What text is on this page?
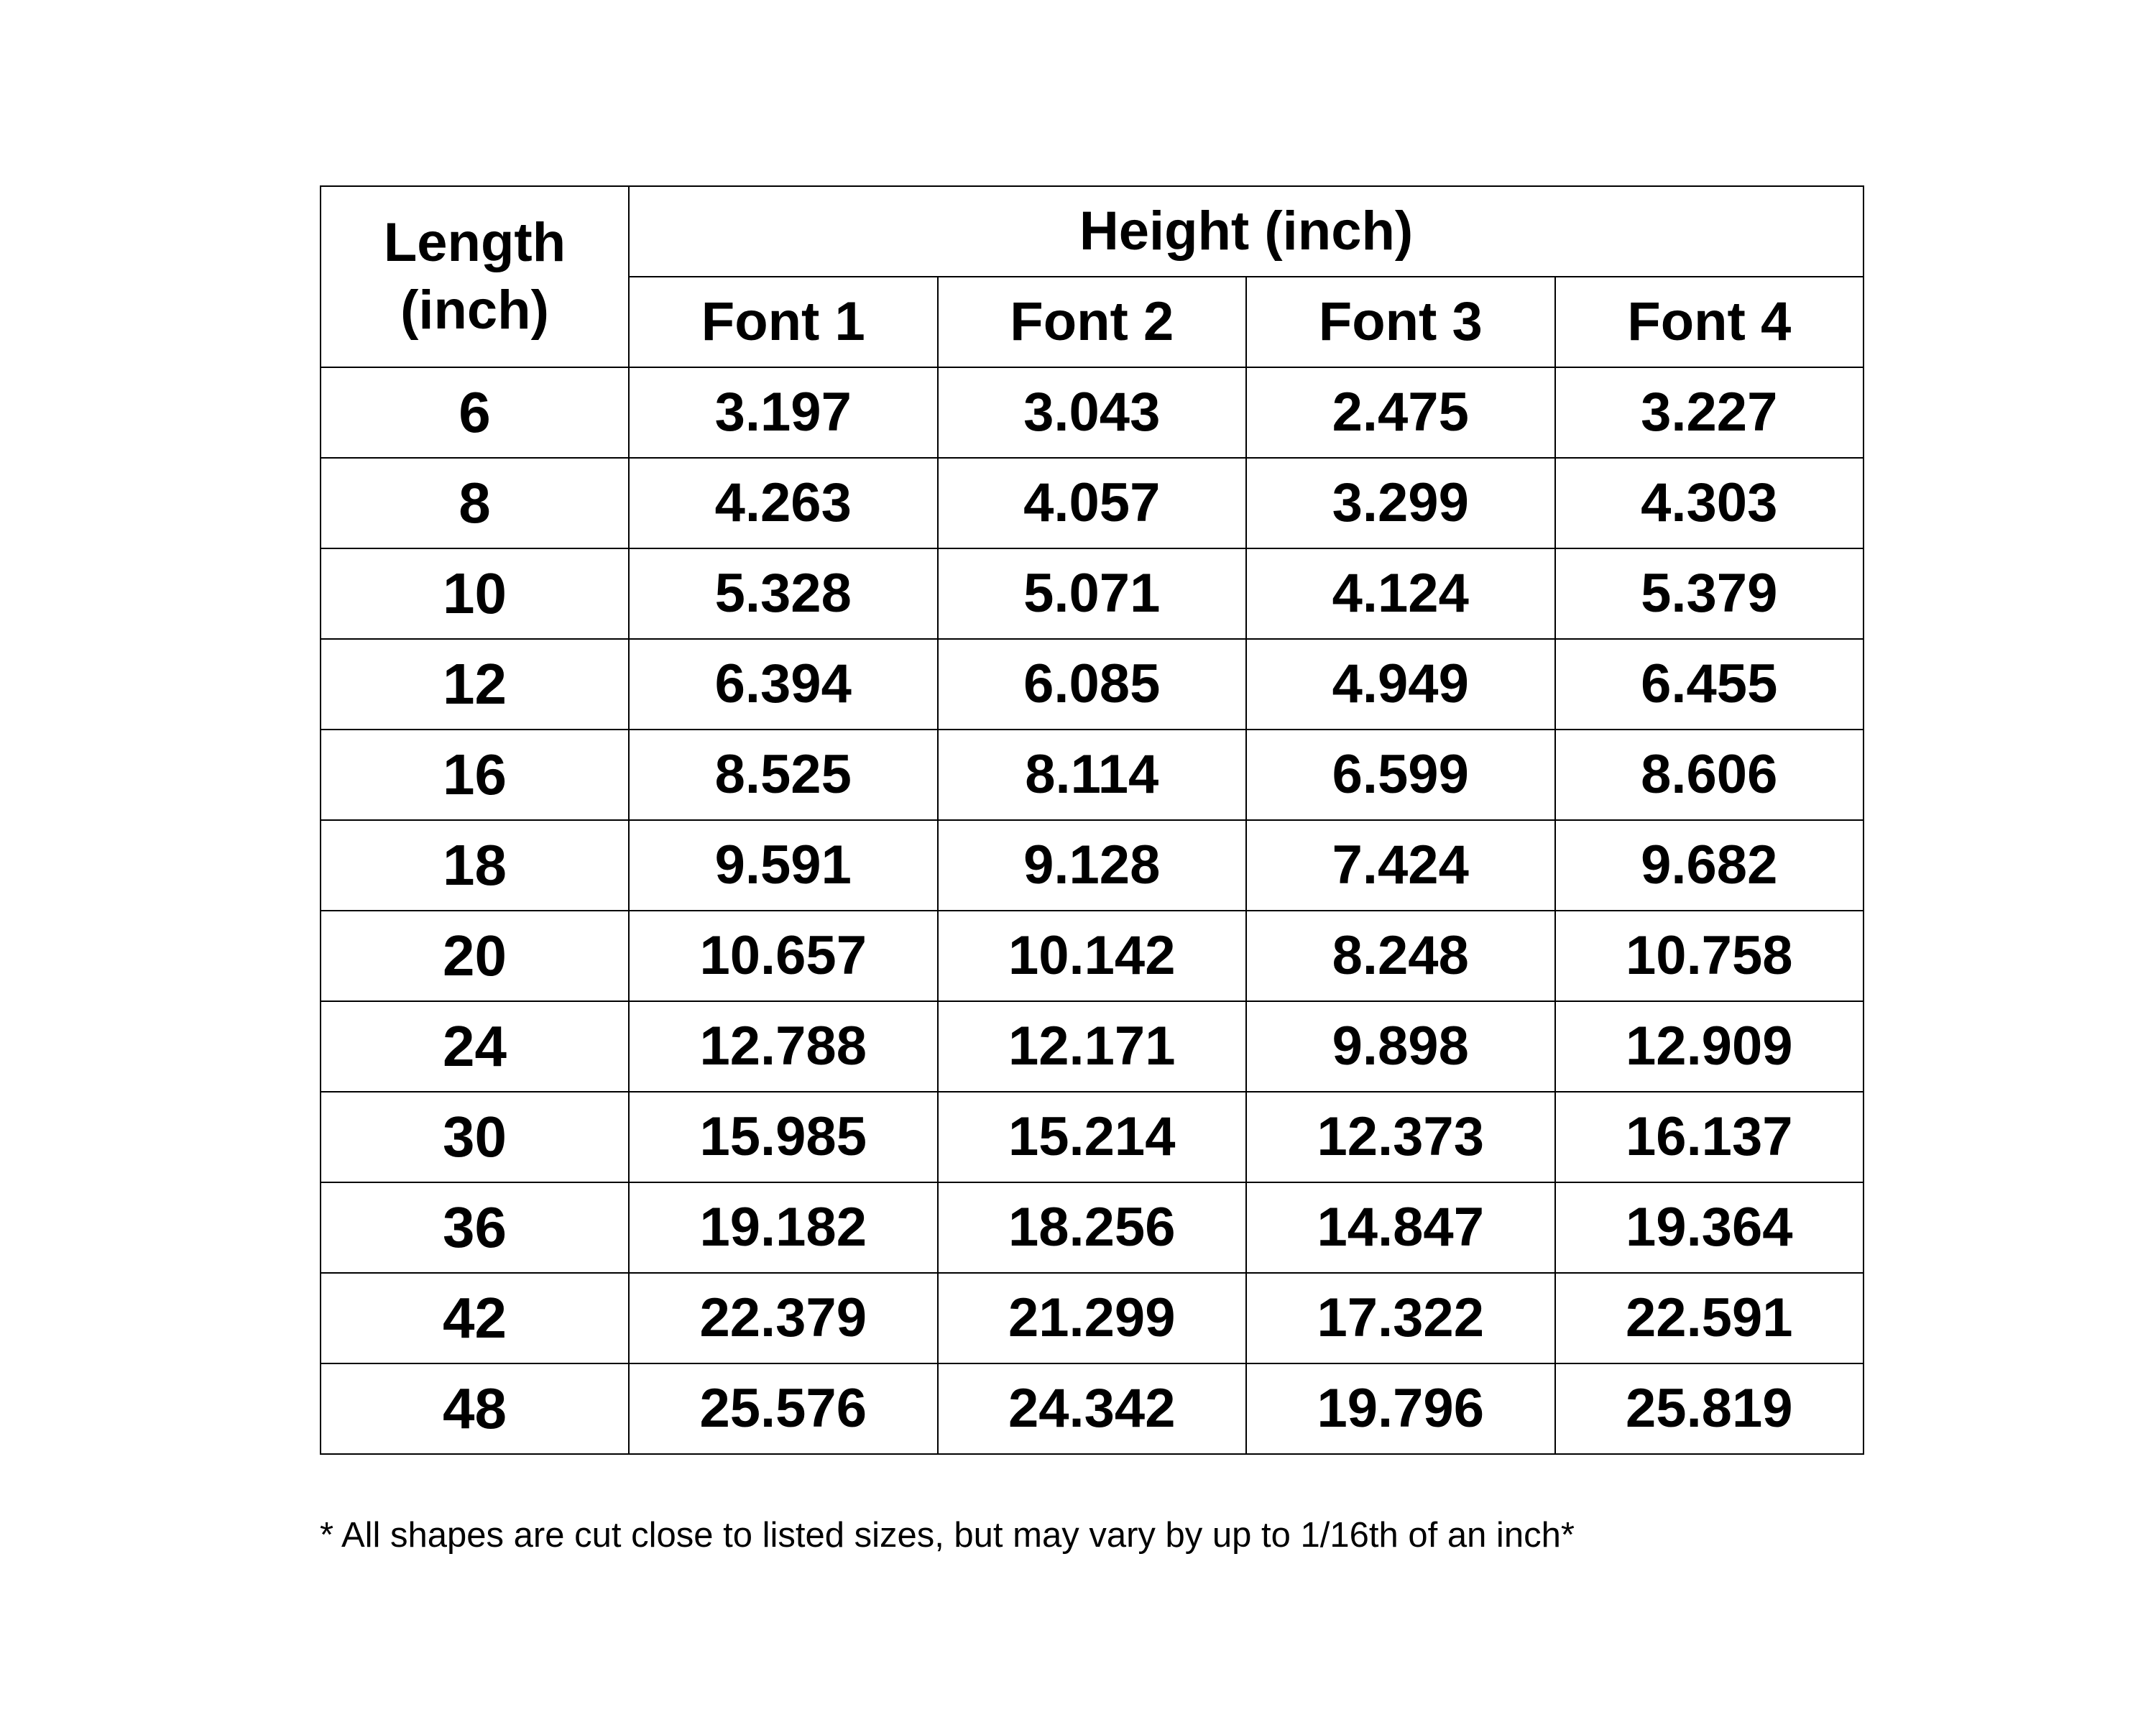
Length
(inch)	Height (inch)			
	Font 1	Font 2	Font 3	Font 4
6	3.197	3.043	2.475	3.227
8	4.263	4.057	3.299	4.303
10	5.328	5.071	4.124	5.379
12	6.394	6.085	4.949	6.455
16	8.525	8.114	6.599	8.606
18	9.591	9.128	7.424	9.682
20	10.657	10.142	8.248	10.758
24	12.788	12.171	9.898	12.909
30	15.985	15.214	12.373	16.137
36	19.182	18.256	14.847	19.364
42	22.379	21.299	17.322	22.591
48	25.576	24.342	19.796	25.819
* All shapes are cut close to listed sizes, but may vary by up to 1/16th of an inch*
